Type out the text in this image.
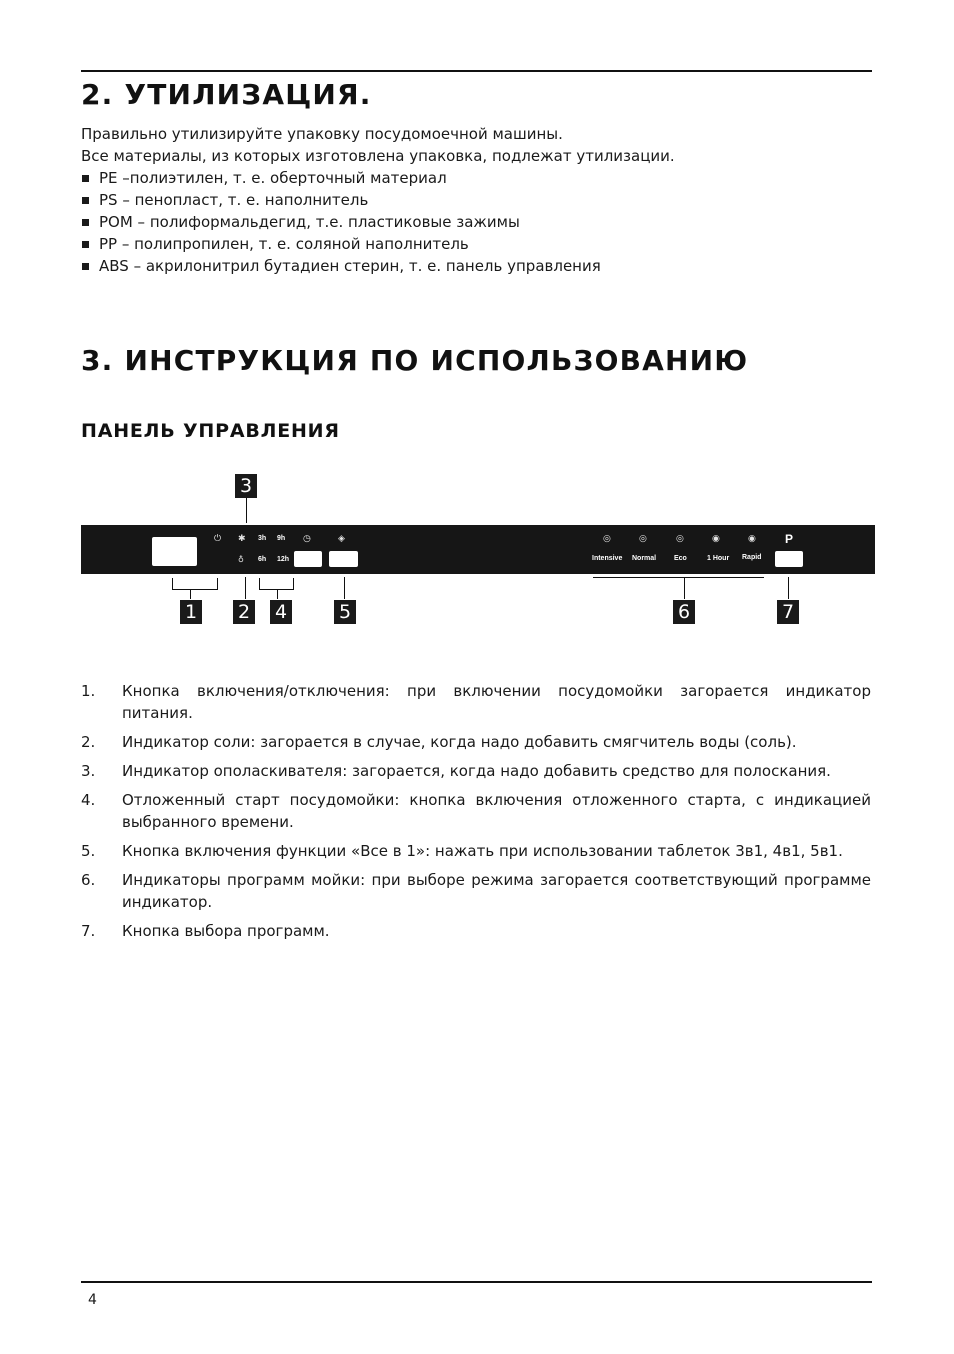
2. УТИЛИЗАЦИЯ.

Правильно утилизируйте упаковку посудомоечной машины.

Все материалы, из которых изготовлена упаковка, подлежат утилизации.

PE –полиэтилен, т. е. оберточный материал
PS – пенопласт, т. е. наполнитель
POM – полиформальдегид, т.е. пластиковые зажимы
PP – полипропилен, т. е. соляной наполнитель
ABS – акрилонитрил бутадиен стерин, т. е. панель управления
3. ИНСТРУКЦИЯ ПО ИСПОЛЬЗОВАНИЮ
ПАНЕЛЬ УПРАВЛЕНИЯ
3
⏻ ✱
♁
3h 9h
6h 12h
◷	◈	◎	◎	◎	◉	◉
Intensive Normal	Eco	1 Hour Rapid
P
1 2 4	5	6	7
1. Кнопка включения/отключения: при включении посудомойки загорается индикатор питания.
2. Индикатор соли: загорается в случае, когда надо добавить смягчитель воды (соль).
3. Индикатор ополаскивателя: загорается, когда надо добавить средство для полоскания.
4. Отложенный старт посудомойки: кнопка включения отложенного старта, с индикацией выбранного времени.
5. Кнопка включения функции «Все в 1»: нажать при использовании таблеток 3в1, 4в1, 5в1.
6. Индикаторы программ мойки: при выборе режима загорается соответствующий программе индикатор.
7. Кнопка выбора программ.
4
